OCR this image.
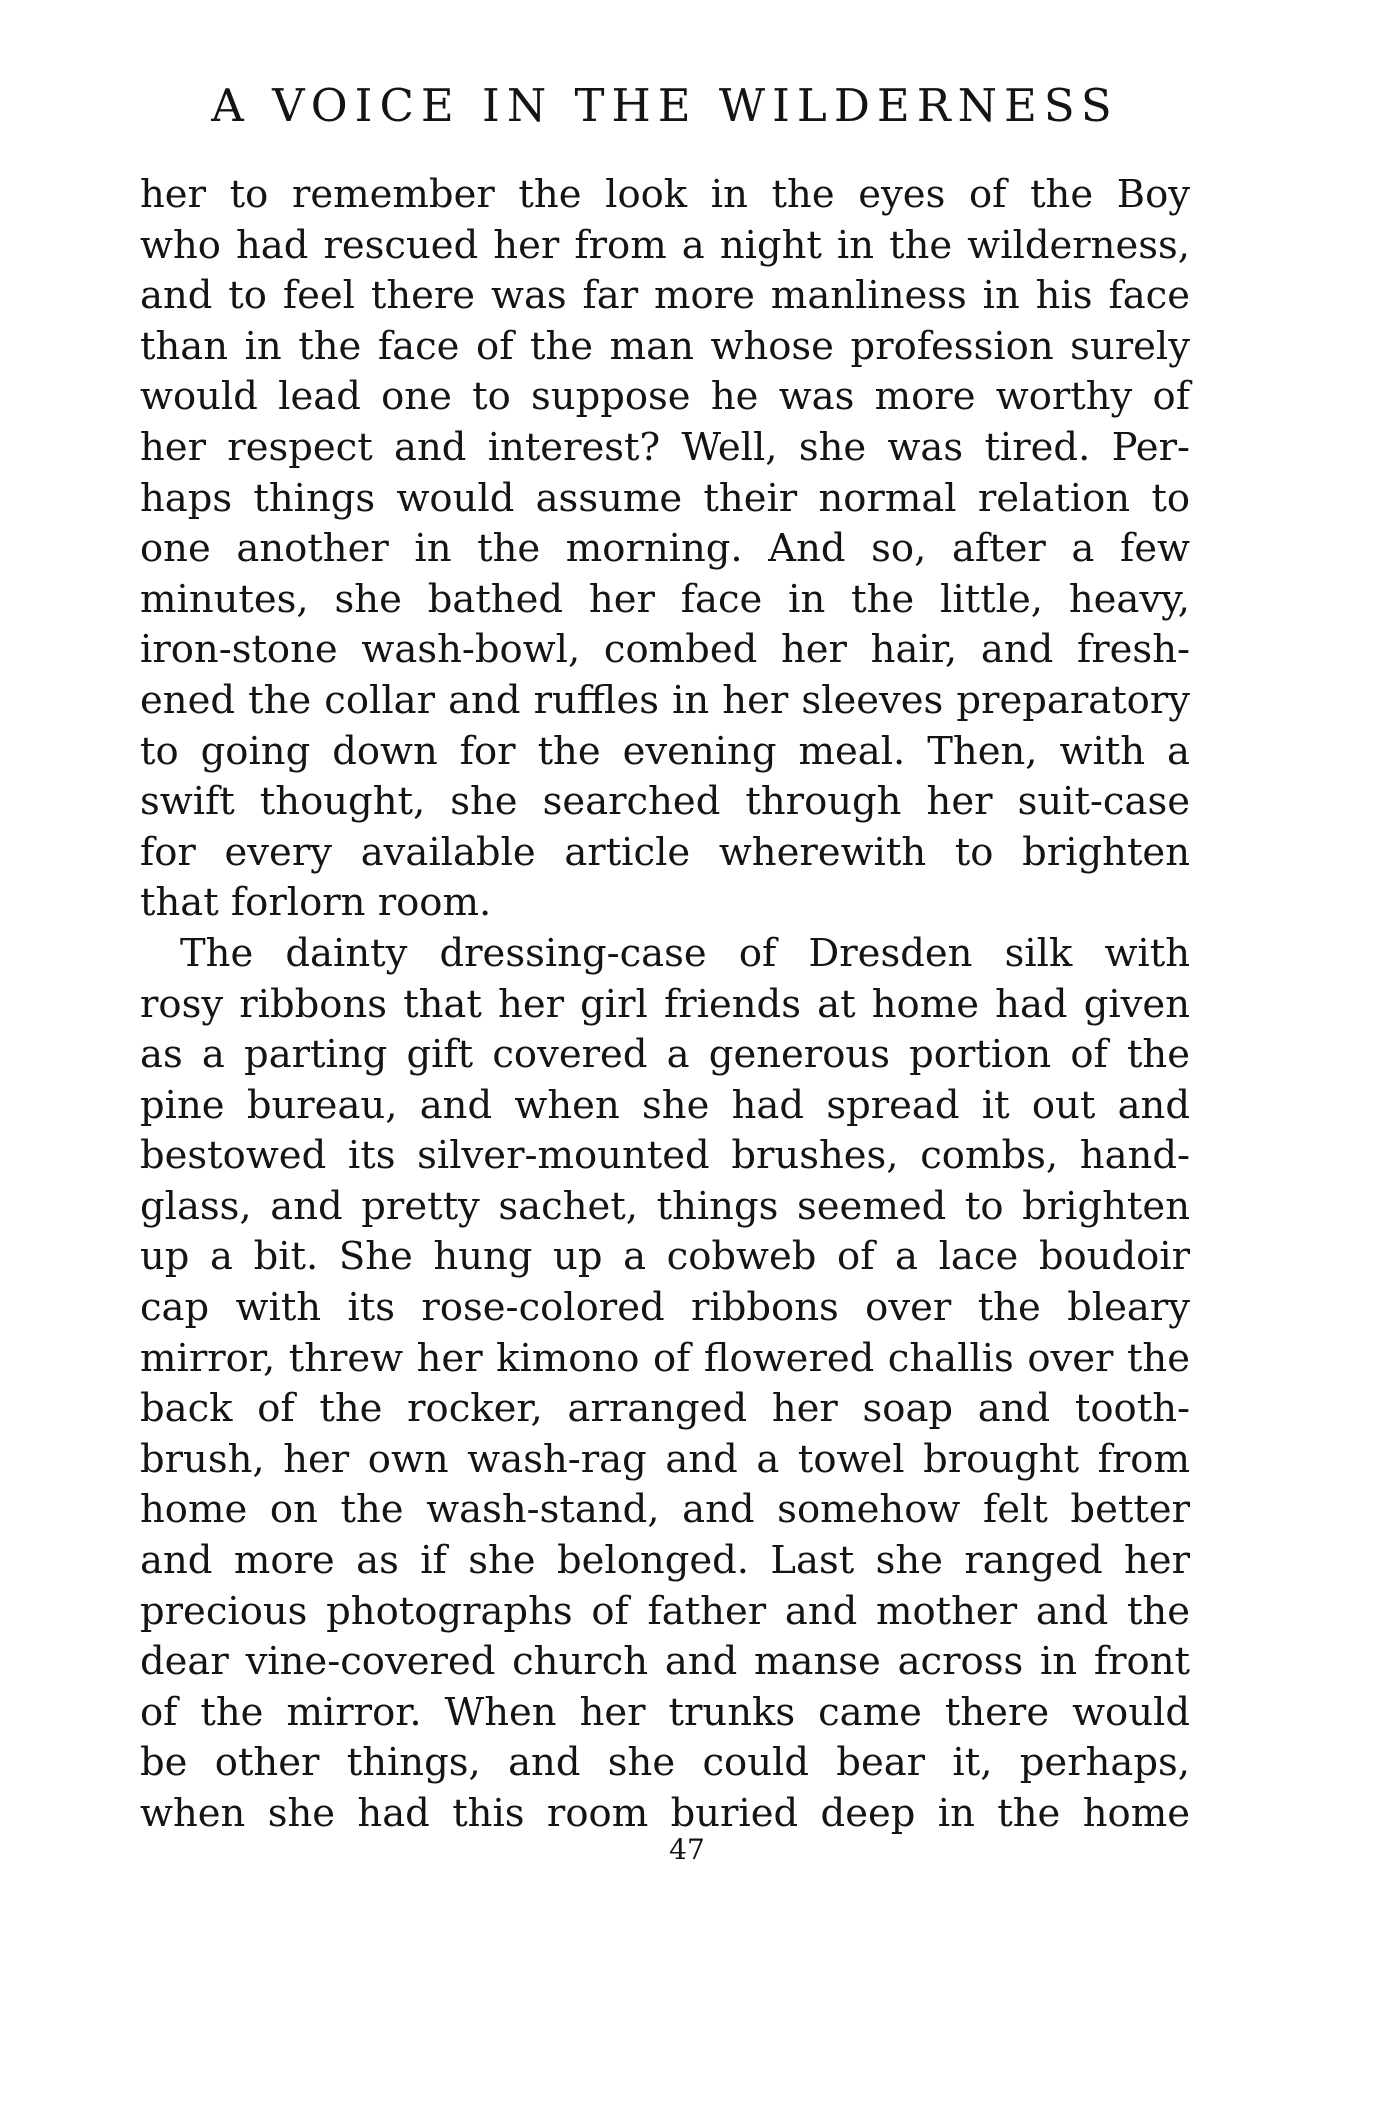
A VOICE IN THE WILDERNESS
her to remember the look in the eyes of the Boy
who had rescued her from a night in the wilderness,
and to feel there was far more manliness in his face
than in the face of the man whose profession surely
would lead one to suppose he was more worthy of
her respect and interest? Well, she was tired. Per-
haps things would assume their normal relation to
one another in the morning. And so, after a few
minutes, she bathed her face in the little, heavy,
iron-stone wash-bowl, combed her hair, and fresh-
ened the collar and ruffles in her sleeves preparatory
to going down for the evening meal. Then, with a
swift thought, she searched through her suit-case
for every available article wherewith to brighten
that forlorn room.
The dainty dressing-case of Dresden silk with
rosy ribbons that her girl friends at home had given
as a parting gift covered a generous portion of the
pine bureau, and when she had spread it out and
bestowed its silver-mounted brushes, combs, hand-
glass, and pretty sachet, things seemed to brighten
up a bit. She hung up a cobweb of a lace boudoir
cap with its rose-colored ribbons over the bleary
mirror, threw her kimono of flowered challis over the
back of the rocker, arranged her soap and tooth-
brush, her own wash-rag and a towel brought from
home on the wash-stand, and somehow felt better
and more as if she belonged. Last she ranged her
precious photographs of father and mother and the
dear vine-covered church and manse across in front
of the mirror. When her trunks came there would
be other things, and she could bear it, perhaps,
when she had this room buried deep in the home
47
